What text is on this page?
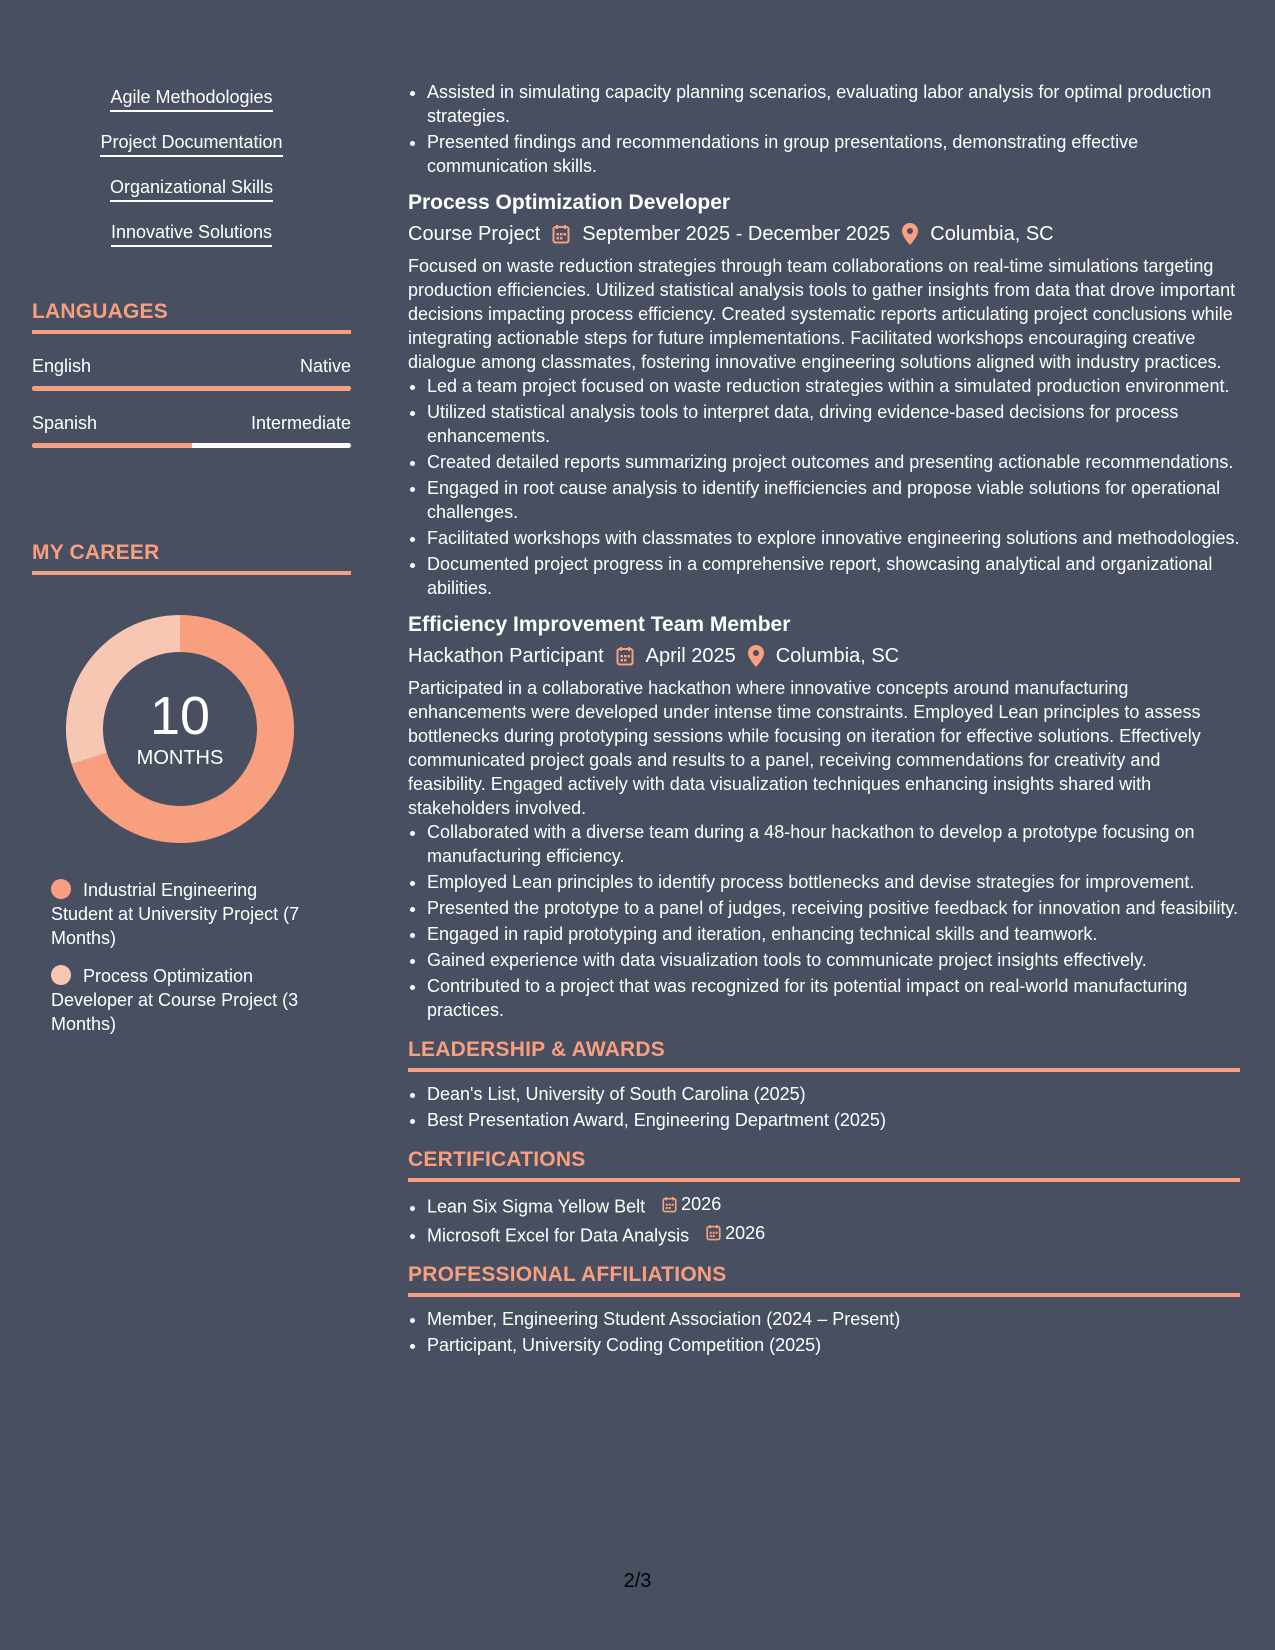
Agile Methodologies
Project Documentation
Organizational Skills
Innovative Solutions
LANGUAGES
English	Native
Spanish	Intermediate
MY CAREER
10
MONTHS
Industrial Engineering Student at University Project (7 Months)
Process Optimization Developer at Course Project (3 Months)
• Assisted in simulating capacity planning scenarios, evaluating labor analysis for optimal production strategies.
• Presented findings and recommendations in group presentations, demonstrating effective communication skills.
Process Optimization Developer
Course Project September 2025 - December 2025 Columbia, SC
Focused on waste reduction strategies through team collaborations on real-time simulations targeting production efficiencies. Utilized statistical analysis tools to gather insights from data that drove important decisions impacting process efficiency. Created systematic reports articulating project conclusions while integrating actionable steps for future implementations. Facilitated workshops encouraging creative dialogue among classmates, fostering innovative engineering solutions aligned with industry practices.
• Led a team project focused on waste reduction strategies within a simulated production environment.
• Utilized statistical analysis tools to interpret data, driving evidence-based decisions for process enhancements.
• Created detailed reports summarizing project outcomes and presenting actionable recommendations.
• Engaged in root cause analysis to identify inefficiencies and propose viable solutions for operational challenges.
• Facilitated workshops with classmates to explore innovative engineering solutions and methodologies.
• Documented project progress in a comprehensive report, showcasing analytical and organizational abilities.
Efficiency Improvement Team Member
Hackathon Participant April 2025 Columbia, SC
Participated in a collaborative hackathon where innovative concepts around manufacturing enhancements were developed under intense time constraints. Employed Lean principles to assess bottlenecks during prototyping sessions while focusing on iteration for effective solutions. Effectively communicated project goals and results to a panel, receiving commendations for creativity and feasibility. Engaged actively with data visualization techniques enhancing insights shared with stakeholders involved.
• Collaborated with a diverse team during a 48-hour hackathon to develop a prototype focusing on manufacturing efficiency.
• Employed Lean principles to identify process bottlenecks and devise strategies for improvement.
• Presented the prototype to a panel of judges, receiving positive feedback for innovation and feasibility.
• Engaged in rapid prototyping and iteration, enhancing technical skills and teamwork.
• Gained experience with data visualization tools to communicate project insights effectively.
• Contributed to a project that was recognized for its potential impact on real-world manufacturing practices.
LEADERSHIP & AWARDS
• Dean's List, University of South Carolina (2025)
• Best Presentation Award, Engineering Department (2025)
CERTIFICATIONS
• Lean Six Sigma Yellow Belt 2026
• Microsoft Excel for Data Analysis 2026
PROFESSIONAL AFFILIATIONS
• Member, Engineering Student Association (2024 – Present)
• Participant, University Coding Competition (2025)
2/3
